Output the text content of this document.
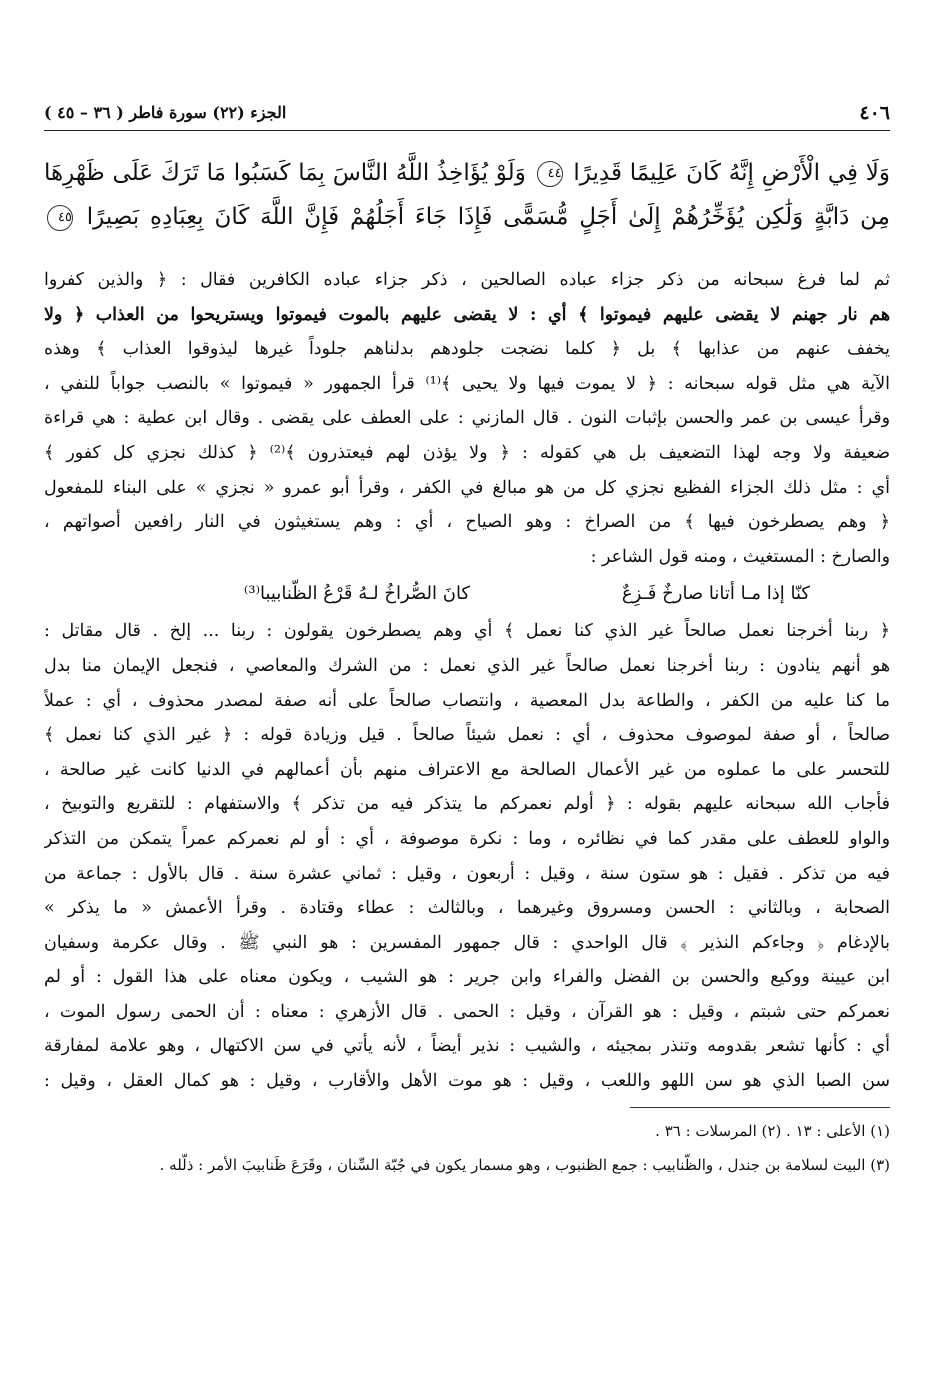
٤٠٦
الجزء (٢٢) سورة فاطر ( ٣٦ – ٤٥ )
وَلَا فِي الْأَرْضِ إِنَّهُ كَانَ عَلِيمًا قَدِيرًا ٤٤ وَلَوْ يُؤَاخِذُ اللَّهُ النَّاسَ بِمَا كَسَبُوا مَا تَرَكَ عَلَى ظَهْرِهَا
مِن دَابَّةٍ وَلَٰكِن يُؤَخِّرُهُمْ إِلَىٰ أَجَلٍ مُّسَمًّى فَإِذَا جَاءَ أَجَلُهُمْ فَإِنَّ اللَّهَ كَانَ بِعِبَادِهِ بَصِيرًا ٤٥
ثم لما فرغ سبحانه من ذكر جزاء عباده الصالحين ، ذكر جزاء عباده الكافرين فقال : ﴿ والذين كفروا
هم نار جهنم لا يقضى عليهم فيموتوا ﴾ أي : لا يقضى عليهم بالموت فيموتوا ويستريحوا من العذاب ﴿ ولا
يخفف عنهم من عذابها ﴾ بل ﴿ كلما نضجت جلودهم بدلناهم جلوداً غيرها ليذوقوا العذاب ﴾ وهذه
الآية هي مثل قوله سبحانه : ﴿ لا يموت فيها ولا يحيى ﴾⁽¹⁾ قرأ الجمهور « فيموتوا » بالنصب جواباً للنفي ،
وقرأ عيسى بن عمر والحسن بإثبات النون . قال المازني : على العطف على يقضى . وقال ابن عطية : هي قراءة
ضعيفة ولا وجه لهذا التضعيف بل هي كقوله : ﴿ ولا يؤذن لهم فيعتذرون ﴾⁽²⁾ ﴿ كذلك نجزي كل كفور ﴾
أي : مثل ذلك الجزاء الفظيع نجزي كل من هو مبالغ في الكفر ، وقرأ أبو عمرو « نجزي » على البناء للمفعول
﴿ وهم يصطرخون فيها ﴾ من الصراخ : وهو الصياح ، أي : وهم يستغيثون في النار رافعين أصواتهم ،
والصارخ : المستغيث ، ومنه قول الشاعر :
كنّا إذا مـا أتانا صارخٌ فَـزِعٌ
كانَ الصُّراخُ لـهُ قَرْعُ الظّنابيبا⁽³⁾
﴿ ربنا أخرجنا نعمل صالحاً غير الذي كنا نعمل ﴾ أي وهم يصطرخون يقولون : ربنا ... إلخ . قال مقاتل :
هو أنهم ينادون : ربنا أخرجنا نعمل صالحاً غير الذي نعمل : من الشرك والمعاصي ، فنجعل الإيمان منا بدل
ما كنا عليه من الكفر ، والطاعة بدل المعصية ، وانتصاب صالحاً على أنه صفة لمصدر محذوف ، أي : عملاً
صالحاً ، أو صفة لموصوف محذوف ، أي : نعمل شيئاً صالحاً . قيل وزيادة قوله : ﴿ غير الذي كنا نعمل ﴾
للتحسر على ما عملوه من غير الأعمال الصالحة مع الاعتراف منهم بأن أعمالهم في الدنيا كانت غير صالحة ،
فأجاب الله سبحانه عليهم بقوله : ﴿ أولم نعمركم ما يتذكر فيه من تذكر ﴾ والاستفهام : للتقريع والتوبيخ ،
والواو للعطف على مقدر كما في نظائره ، وما : نكرة موصوفة ، أي : أو لم نعمركم عمراً يتمكن من التذكر
فيه من تذكر . فقيل : هو ستون سنة ، وقيل : أربعون ، وقيل : ثماني عشرة سنة . قال بالأول : جماعة من
الصحابة ، وبالثاني : الحسن ومسروق وغيرهما ، وبالثالث : عطاء وقتادة . وقرأ الأعمش « ما يذكر »
بالإدغام ﴿ وجاءكم النذير ﴾ قال الواحدي : قال جمهور المفسرين : هو النبي ﷺ . وقال عكرمة وسفيان
ابن عيينة ووكيع والحسن بن الفضل والفراء وابن جرير : هو الشيب ، ويكون معناه على هذا القول : أو لم
نعمركم حتى شبتم ، وقيل : هو القرآن ، وقيل : الحمى . قال الأزهري : معناه : أن الحمى رسول الموت ،
أي : كأنها تشعر بقدومه وتنذر بمجيئه ، والشيب : نذير أيضاً ، لأنه يأتي في سن الاكتهال ، وهو علامة لمفارقة
سن الصبا الذي هو سن اللهو واللعب ، وقيل : هو موت الأهل والأقارب ، وقيل : هو كمال العقل ، وقيل :
(١) الأعلى : ١٣ . (٢) المرسلات : ٣٦ .
(٣) البيت لسلامة بن جندل ، والظّنابيب : جمع الظنبوب ، وهو مسمار يكون في جُبّة السِّنان ، وقَرَعَ ظَنابيبَ الأمر : ذلّله .
